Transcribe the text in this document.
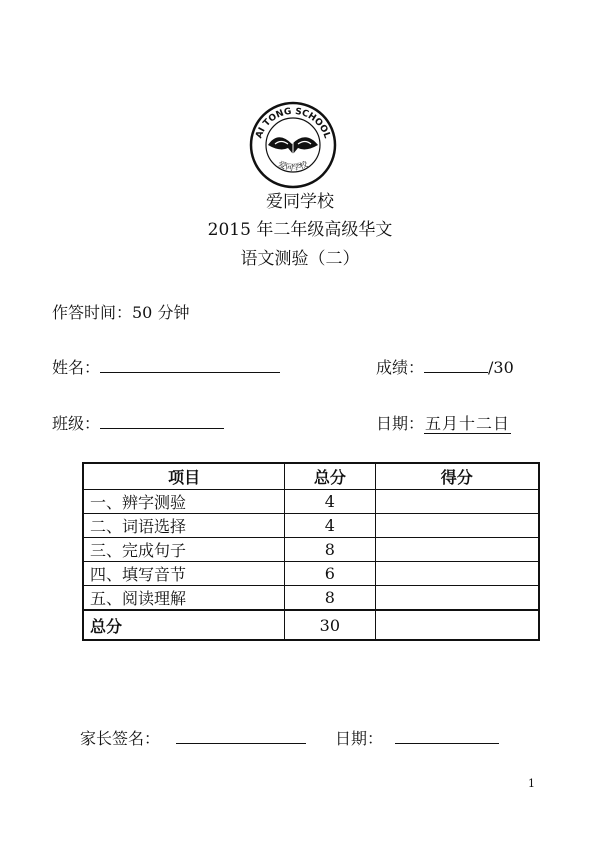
AI TONG SCHOOL
爱同学校
爱同学校
2015 年二年级高级华文
语文测验（二）
作答时间：50 分钟
姓名：	成绩：	/30
班级：	日期：五月十二日
项目	总分	得分
一、辨字测验	4	
二、词语选择	4	
三、完成句子	8	
四、填写音节	6	
五、阅读理解	8	
总分	30	
家长签名：	日期：
1
